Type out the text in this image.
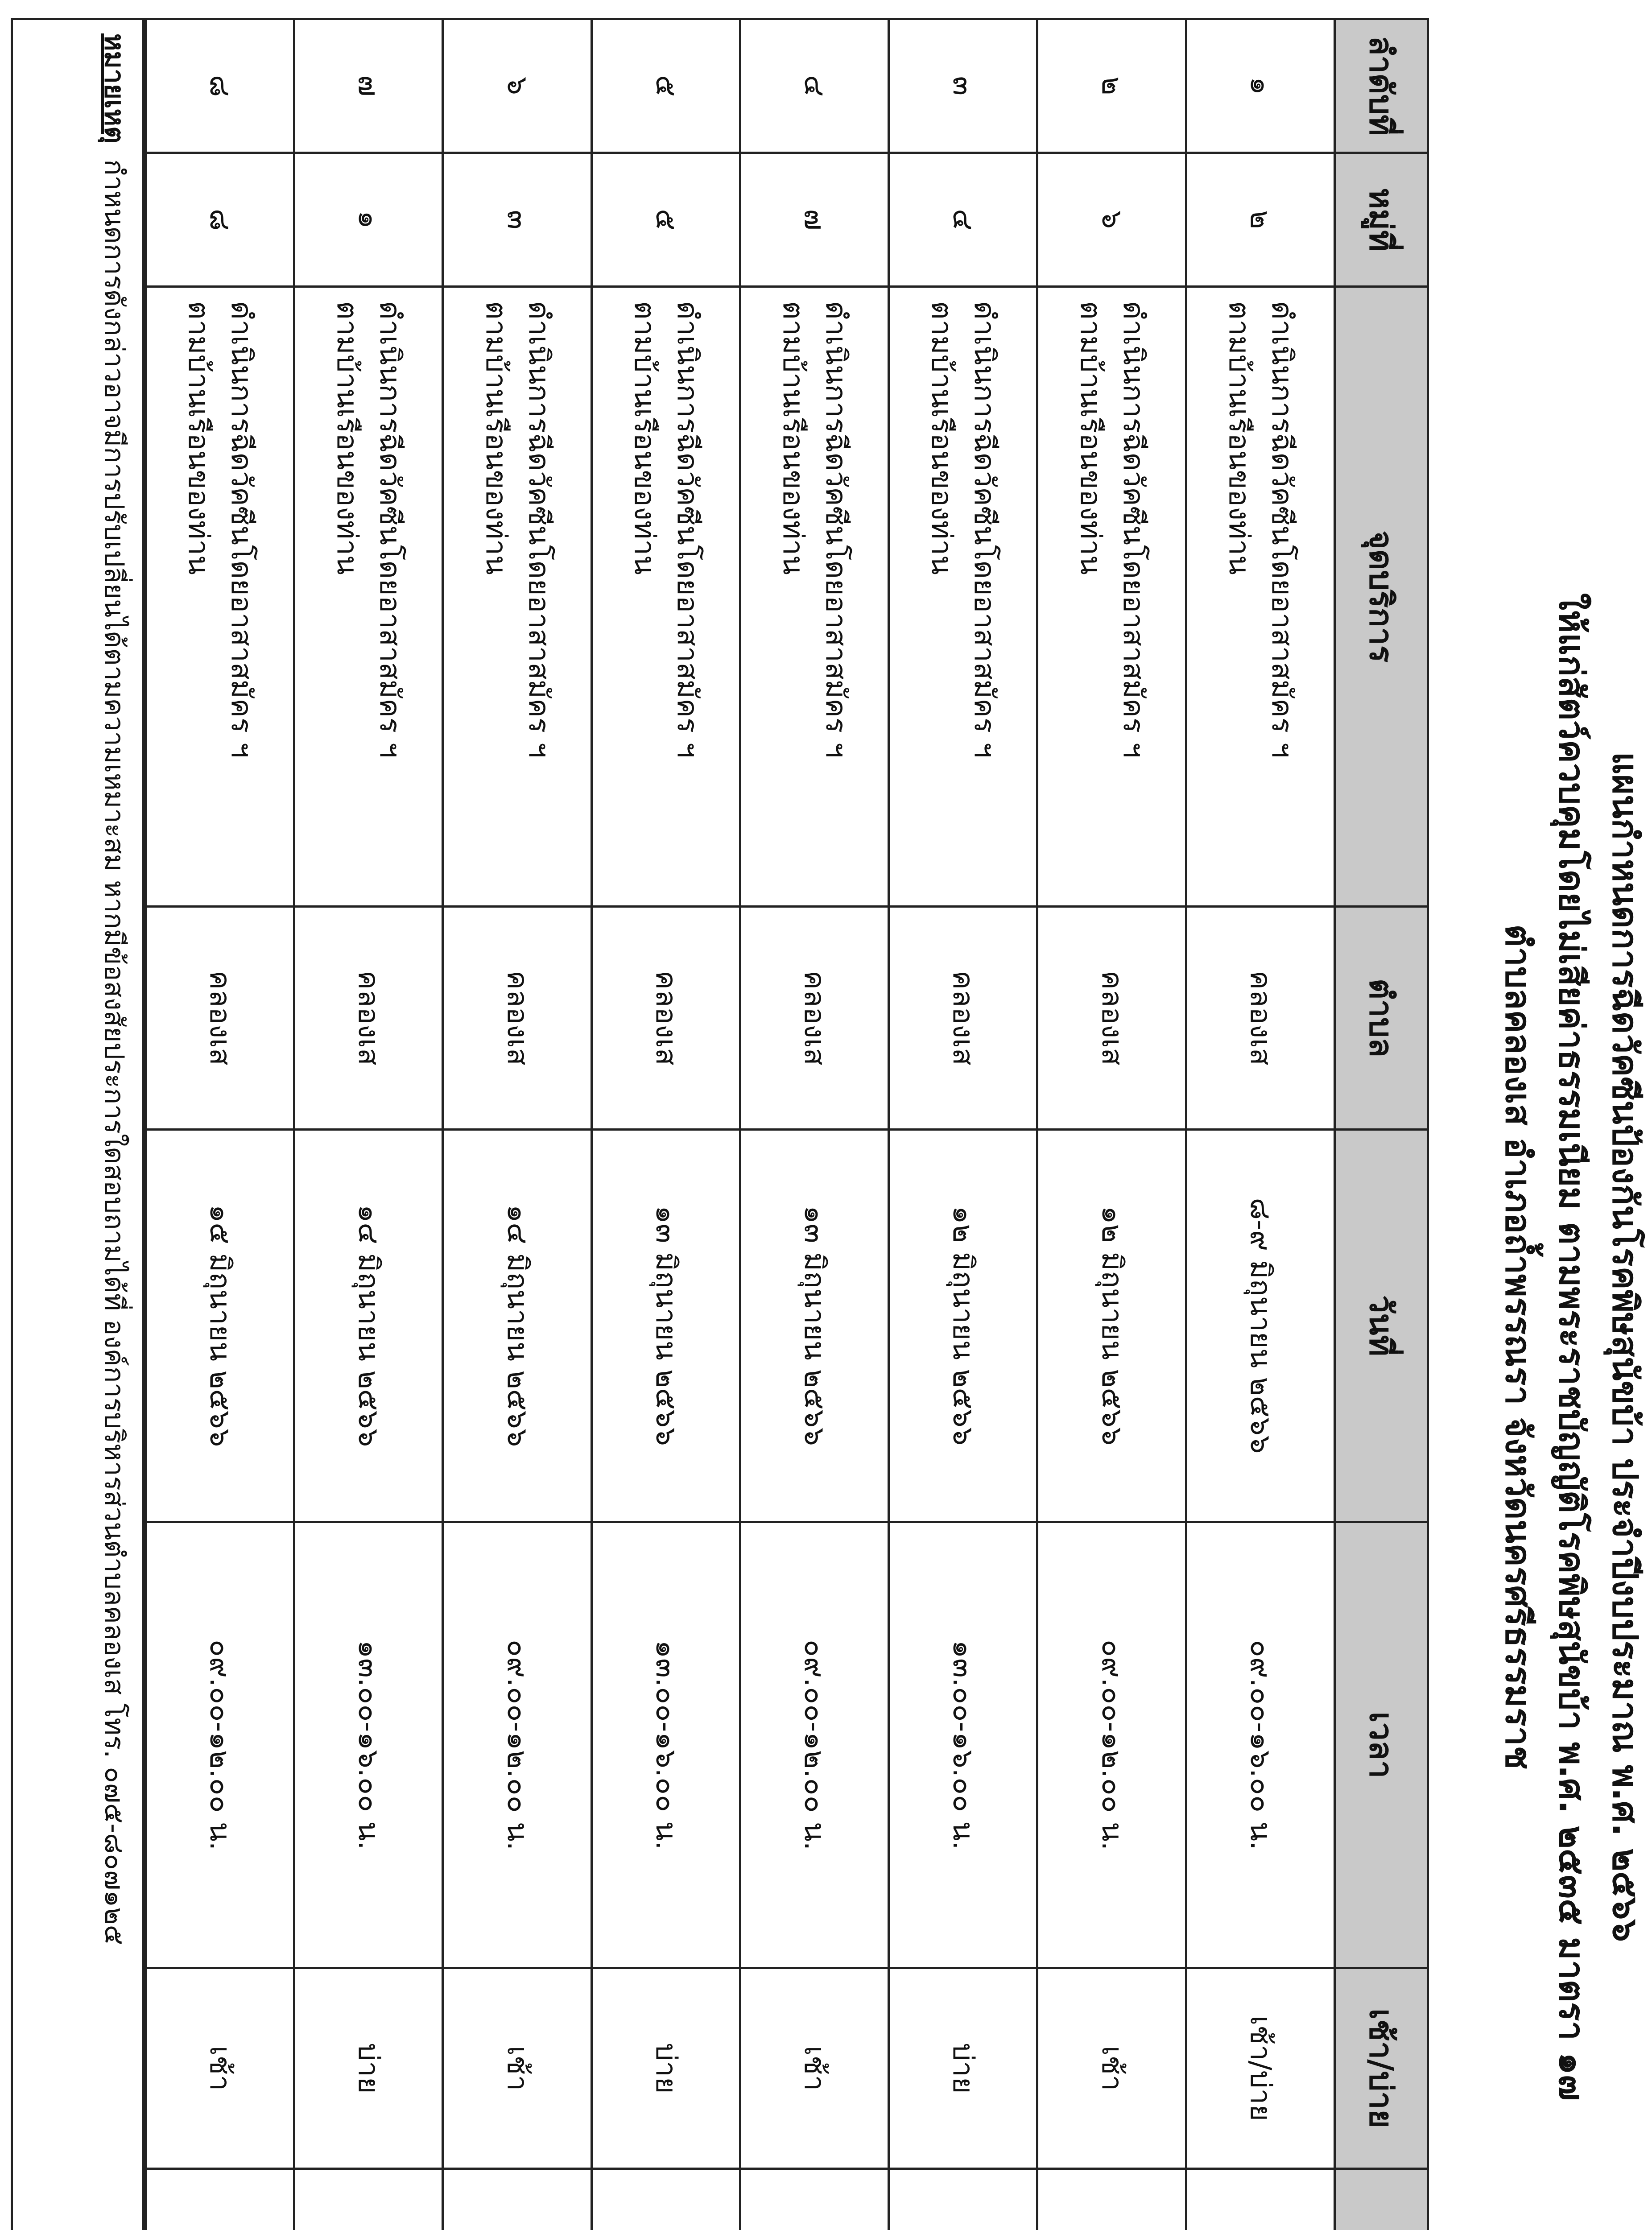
แผนกำหนดการฉีดวัคซีนป้องกันโรคพิษสุนัขบ้า ประจำปีงบประมาณ พ.ศ. ๒๕๖๖
ให้แก่สัตว์ควบคุมโดยไม่เสียค่าธรรมเนียม ตามพระราชบัญญัติโรคพิษสุนัขบ้า พ.ศ. ๒๕๓๕ มาตรา ๑๗
ตำบลคลองเส อำเภอถ้ำพรรณรา จังหวัดนครศรีธรรมราช
ลำดับที่	หมู่ที่	จุดบริการ	ตำบล	วันที่	เวลา	เช้า/บ่าย	
๑	๒	ดำเนินการฉีดวัคซีนโดยอาสาสมัคร ฯ
ตามบ้านเรือนของท่าน	คลองเส	๘-๙ มิถุนายน ๒๕๖๖	๐๙.๐๐-๑๖.๐๐ น.	เช้า/บ่าย	
๒	๖	ดำเนินการฉีดวัคซีนโดยอาสาสมัคร ฯ
ตามบ้านเรือนของท่าน	คลองเส	๑๒ มิถุนายน ๒๕๖๖	๐๙.๐๐-๑๒.๐๐ น.	เช้า	
๓	๔	ดำเนินการฉีดวัคซีนโดยอาสาสมัคร ฯ
ตามบ้านเรือนของท่าน	คลองเส	๑๒ มิถุนายน ๒๕๖๖	๑๓.๐๐-๑๖.๐๐ น.	บ่าย	
๔	๗	ดำเนินการฉีดวัคซีนโดยอาสาสมัคร ฯ
ตามบ้านเรือนของท่าน	คลองเส	๑๓ มิถุนายน ๒๕๖๖	๐๙.๐๐-๑๒.๐๐ น.	เช้า	
๕	๕	ดำเนินการฉีดวัคซีนโดยอาสาสมัคร ฯ
ตามบ้านเรือนของท่าน	คลองเส	๑๓ มิถุนายน ๒๕๖๖	๑๓.๐๐-๑๖.๐๐ น.	บ่าย	
๖	๓	ดำเนินการฉีดวัคซีนโดยอาสาสมัคร ฯ
ตามบ้านเรือนของท่าน	คลองเส	๑๔ มิถุนายน ๒๕๖๖	๐๙.๐๐-๑๒.๐๐ น.	เช้า	
๗	๑	ดำเนินการฉีดวัคซีนโดยอาสาสมัคร ฯ
ตามบ้านเรือนของท่าน	คลองเส	๑๔ มิถุนายน ๒๕๖๖	๑๓.๐๐-๑๖.๐๐ น.	บ่าย	
๘	๘	ดำเนินการฉีดวัคซีนโดยอาสาสมัคร ฯ
ตามบ้านเรือนของท่าน	คลองเส	๑๕ มิถุนายน ๒๕๖๖	๐๙.๐๐-๑๒.๐๐ น.	เช้า	
หมายเหตุ กำหนดการดังกล่าวอาจมีการปรับเปลี่ยนได้ตามความเหมาะสม หากมีข้อสงสัยประการใดสอบถามได้ที่ องค์การบริหารส่วนตำบลคลองเส โทร. ๐๗๕-๘๐๗๑๒๕
